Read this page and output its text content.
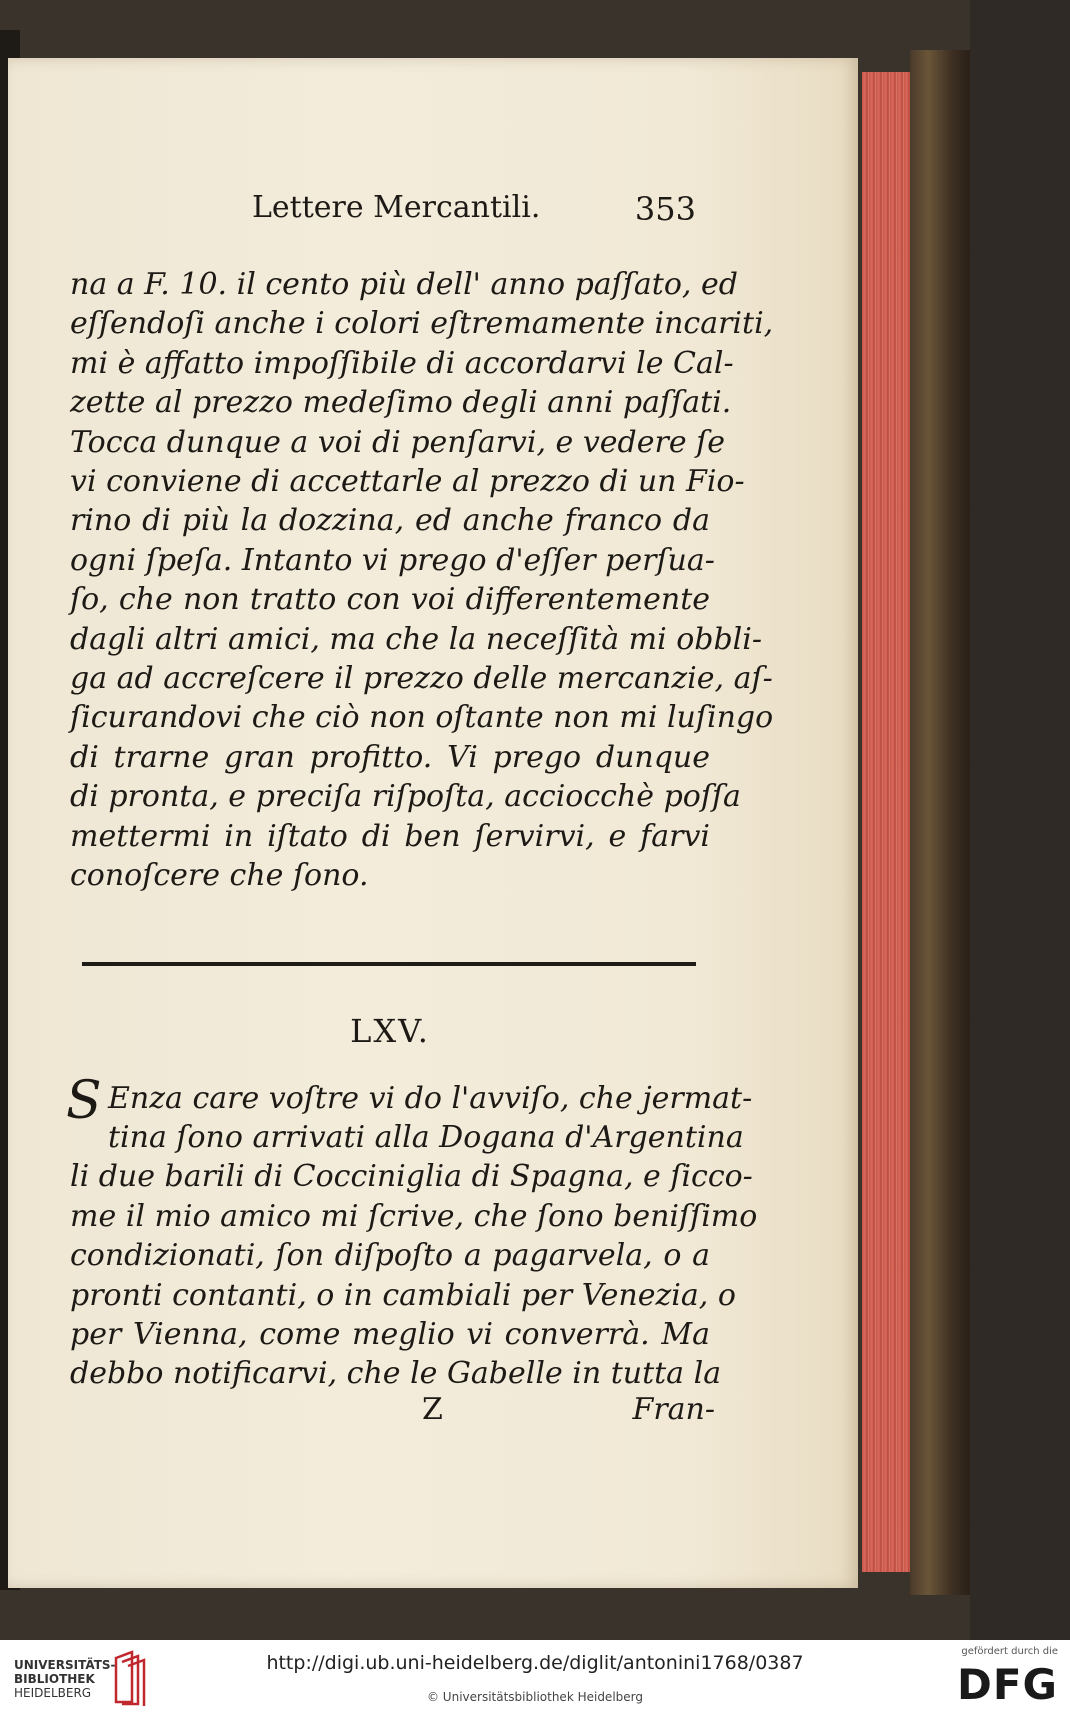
Lettere Mercantili.	353
na a F. 10. il cento più dell' anno paſſato, ed
eſſendoſi anche i colori eſtremamente incariti,
mi è affatto impoſſibile di accordarvi le Cal-
zette al prezzo medeſimo degli anni paſſati.
Tocca dunque a voi di penſarvi, e vedere ſe
vi conviene di accettarle al prezzo di un Fio-
rino di più la dozzina, ed anche franco da
ogni ſpeſa. Intanto vi prego d'eſſer perſua-
ſo, che non tratto con voi differentemente
dagli altri amici, ma che la neceſſità mi obbli-
ga ad accreſcere il prezzo delle mercanzie, aſ-
ſicurandovi che ciò non oſtante non mi luſingo
di trarne gran profitto. Vi prego dunque
di pronta, e preciſa riſpoſta, acciocchè poſſa
mettermi in iſtato di ben ſervirvi, e farvi
conoſcere che ſono.
LXV.
S Enza care voſtre vi do l'avviſo, che jermat-
tina ſono arrivati alla Dogana d'Argentina
li due barili di Cocciniglia di Spagna, e ſicco-
me il mio amico mi ſcrive, che ſono beniſſimo
condizionati, ſon diſpoſto a pagarvela, o a
pronti contanti, o in cambiali per Venezia, o
per Vienna, come meglio vi converrà. Ma
debbo notificarvi, che le Gabelle in tutta la
Z	Fran-
UNIVERSITÄTS-
BIBLIOTHEK
HEIDELBERG
http://digi.ub.uni-heidelberg.de/diglit/antonini1768/0387
© Universitätsbibliothek Heidelberg
gefördert durch die
DFG
